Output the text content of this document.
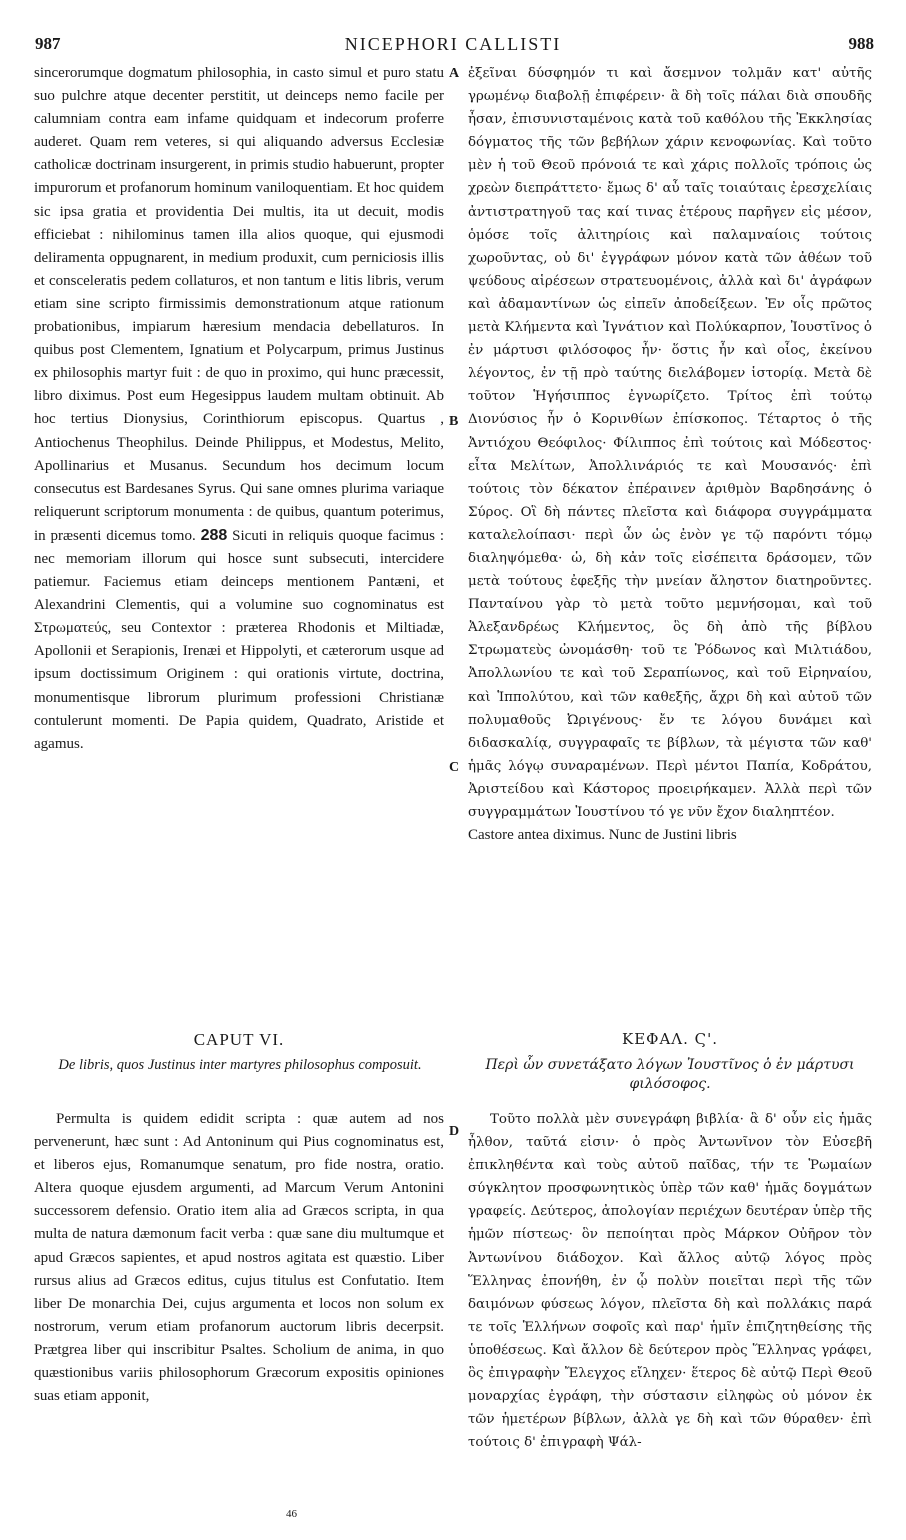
987	NICEPHORI CALLISTI	988
A
B
C
D

sincerorumque dogmatum philosophia, in casto simul et puro statu suo pulchre atque decenter perstitit, ut deinceps nemo facile per calumniam contra eam infame quidquam et indecorum proferre auderet. Quam rem veteres, si qui aliquando adversus Ecclesiæ catholicæ doctrinam insurgerent, in primis studio habuerunt, propter impurorum et profanorum hominum vaniloquentiam. Et hoc quidem sic ipsa gratia et providentia Dei multis, ita ut decuit, modis efficiebat : nihilominus tamen illa alios quoque, qui ejusmodi deliramenta oppugnarent, in medium produxit, cum perniciosis illis et consceleratis pedem collaturos, et non tantum e litis libris, verum etiam sine scripto firmissimis demonstrationum atque rationum probationibus, impiarum hæresium mendacia debellaturos. In quibus post Clementem, Ignatium et Polycarpum, primus Justinus ex philosophis martyr fuit : de quo in proximo, qui hunc præcessit, libro diximus. Post eum Hegesippus laudem multam obtinuit. Ab hoc tertius Dionysius, Corinthiorum episcopus. Quartus , Antiochenus Theophilus. Deinde Philippus, et Modestus, Melito, Apollinarius et Musanus. Secundum hos decimum locum consecutus est Bardesanes Syrus. Qui sane omnes plurima variaque reliquerunt scriptorum monumenta : de quibus, quantum poterimus, in præsenti dicemus tomo. 288 Sicuti in reliquis quoque facimus : nec memoriam illorum qui hosce sunt subsecuti, intercidere patiemur. Faciemus etiam deinceps mentionem Pantæni, et Alexandrini Clementis, qui a volumine suo cognominatus est Στρωματεύς, seu Contextor : præterea Rhodonis et Miltiadæ, Apollonii et Serapionis, Irenæi et Hippolyti, et cæterorum usque ad ipsum doctissimum Originem : qui orationis virtute, doctrina, monumentisque librorum plurimum professioni Christianæ contulerunt momenti. De Papia quidem, Quadrato, Aristide et agamus.

ἐξεῖναι δύσφημόν τι καὶ ἄσεμνον τολμᾶν κατ' αὐτῆς γρωμένῳ διαβολῇ ἐπιφέρειν· ἃ δὴ τοῖς πάλαι διὰ σπουδῆς ἦσαν, ἐπισυνισταμένοις κατὰ τοῦ καθόλου τῆς Ἐκκλησίας δόγματος τῆς τῶν βεβήλων χάριν κενοφωνίας. Καὶ τοῦτο μὲν ἡ τοῦ Θεοῦ πρόνοιά τε καὶ χάρις πολλοῖς τρόποις ὡς χρεὼν διεπράττετο· ἔμως δ' αὖ ταῖς τοιαύταις ἐρεσχελίαις ἀντιστρατηγοῦ τας καί τινας ἑτέρους παρῆγεν εἰς μέσον, ὁμόσε τοῖς ἀλιτηρίοις καὶ παλαμναίοις τούτοις χωροῦντας, οὐ δι' ἐγγράφων μόνον κατὰ τῶν ἀθέων τοῦ ψεύδους αἱρέσεων στρατευομένοις, ἀλλὰ καὶ δι' ἀγράφων καὶ ἀδαμαντίνων ὡς εἰπεῖν ἀποδείξεων. Ἐν οἷς πρῶτος μετὰ Κλήμεντα καὶ Ἰγνάτιον καὶ Πολύκαρπον, Ἰουστῖνος ὁ ἐν μάρτυσι φιλόσοφος ἦν· ὅστις ἦν καὶ οἷος, ἐκείνου λέγοντος, ἐν τῇ πρὸ ταύτης διελάβομεν ἱστορίᾳ. Μετὰ δὲ τοῦτον Ἡγήσιππος ἐγνωρίζετο. Τρίτος ἐπὶ τούτῳ Διονύσιος ἦν ὁ Κορινθίων ἐπίσκοπος. Τέταρτος ὁ τῆς Ἀντιόχου Θεόφιλος· Φίλιππος ἐπὶ τούτοις καὶ Μόδεστος· εἶτα Μελίτων, Ἀπολλινάριός τε καὶ Μουσανός· ἐπὶ τούτοις τὸν δέκατον ἐπέραινεν ἀριθμὸν Βαρδησάνης ὁ Σύρος. Οἳ δὴ πάντες πλεῖστα καὶ διάφορα συγγράμματα καταλελοίπασι· περὶ ὧν ὡς ἐνὸν γε τῷ παρόντι τόμῳ διαληψόμεθα· ὡ, δὴ κἀν τοῖς εἰσέπειτα δράσομεν, τῶν μετὰ τούτους ἐφεξῆς τὴν μνείαν ἄληστον διατηροῦντες. Πανταίνου γὰρ τὸ μετὰ τοῦτο μεμνήσομαι, καὶ τοῦ Ἀλεξανδρέως Κλήμεντος, ὃς δὴ ἀπὸ τῆς βίβλου Στρωματεὺς ὠνομάσθη· τοῦ τε Ῥόδωνος καὶ Μιλτιάδου, Ἀπολλωνίου τε καὶ τοῦ Σεραπίωνος, καὶ τοῦ Εἰρηναίου, καὶ Ἱππολύτου, καὶ τῶν καθεξῆς, ἄχρι δὴ καὶ αὐτοῦ τῶν πολυμαθοῦς Ὠριγένους· ἔν τε λόγου δυνάμει καὶ διδασκαλίᾳ, συγγραφαῖς τε βίβλων, τὰ μέγιστα τῶν καθ' ἡμᾶς λόγῳ συναραμένων. Περὶ μέντοι Παπία, Κοδράτου, Ἀριστείδου καὶ Κάστορος προειρήκαμεν. Ἀλλὰ περὶ τῶν συγγραμμάτων Ἰουστίνου τό γε νῦν ἔχον διαληπτέον.

Castore antea diximus. Nunc de Justini libris

CAPUT VI.
De libris, quos Justinus inter martyres philosophus composuit.
ΚΕΦΑΛ. Ϛ'.
Περὶ ὧν συνετάξατο λόγων Ἰουστῖνος ὁ ἐν μάρτυσι φιλόσοφος.

Permulta is quidem edidit scripta : quæ autem ad nos pervenerunt, hæc sunt : Ad Antoninum qui Pius cognominatus est, et liberos ejus, Romanumque senatum, pro fide nostra, oratio. Altera quoque ejusdem argumenti, ad Marcum Verum Antonini successorem defensio. Oratio item alia ad Græcos scripta, in qua multa de natura dæmonum facit verba : quæ sane diu multumque et apud Græcos sapientes, et apud nostros agitata est quæstio. Liber rursus alius ad Græcos editus, cujus titulus est Confutatio. Item liber De monarchia Dei, cujus argumenta et locos non solum ex nostrorum, verum etiam profanorum auctorum libris decerpsit. Prætgrea liber qui inscribitur Psaltes. Scholium de anima, in quo quæstionibus variis philosophorum Græcorum expositis opiniones suas etiam apponit,

Τοῦτο πολλὰ μὲν συνεγράφη βιβλία· ἃ δ' οὖν εἰς ἡμᾶς ἦλθον, ταῦτά εἰσιν· ὁ πρὸς Ἀντωνῖνον τὸν Εὐσεβῆ ἐπικληθέντα καὶ τοὺς αὐτοῦ παῖδας, τήν τε Ῥωμαίων σύγκλητον προσφωνητικὸς ὑπὲρ τῶν καθ' ἡμᾶς δογμάτων γραφείς. Δεύτερος, ἀπολογίαν περιέχων δευτέραν ὑπὲρ τῆς ἡμῶν πίστεως· ὃν πεποίηται πρὸς Μάρκον Οὐῆρον τὸν Ἀντωνίνου διάδοχον. Καὶ ἄλλος αὐτῷ λόγος πρὸς Ἕλληνας ἐπονήθη, ἐν ᾧ πολὺν ποιεῖται περὶ τῆς τῶν δαιμόνων φύσεως λόγον, πλεῖστα δὴ καὶ πολλάκις παρά τε τοῖς Ἑλλήνων σοφοῖς καὶ παρ' ἡμῖν ἐπιζητηθείσης τῆς ὑποθέσεως. Καὶ ἄλλον δὲ δεύτερον πρὸς Ἕλληνας γράφει, ὃς ἐπιγραφὴν Ἔλεγχος εἴληχεν· ἕτερος δὲ αὐτῷ Περὶ Θεοῦ μοναρχίας ἐγράφη, τὴν σύστασιν εἰληφὼς οὐ μόνον ἐκ τῶν ἡμετέρων βίβλων, ἀλλὰ γε δὴ καὶ τῶν θύραθεν· ἐπὶ τούτοις δ' ἐπιγραφὴ Ψάλ-

46
